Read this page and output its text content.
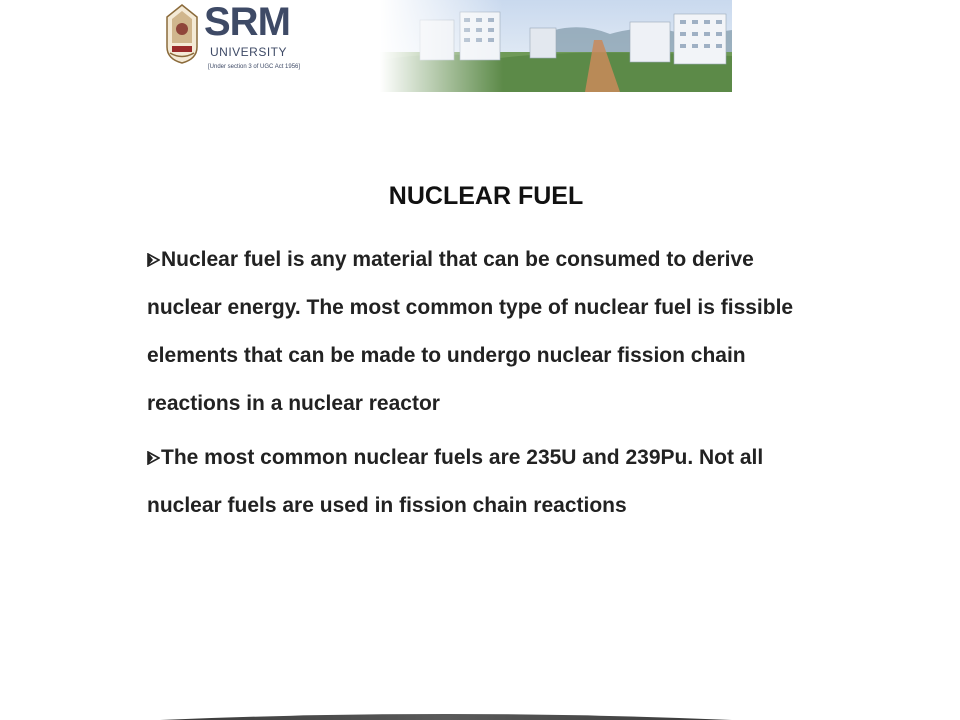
SRM
UNIVERSITY
[Under section 3 of UGC Act 1956]
NUCLEAR FUEL
Nuclear fuel is any material that can be consumed to derive nuclear energy. The most common type of nuclear fuel is fissible elements that can be made to undergo nuclear fission chain reactions in a nuclear reactor
The most common nuclear fuels are 235U and 239Pu. Not all nuclear fuels are used in fission chain reactions
